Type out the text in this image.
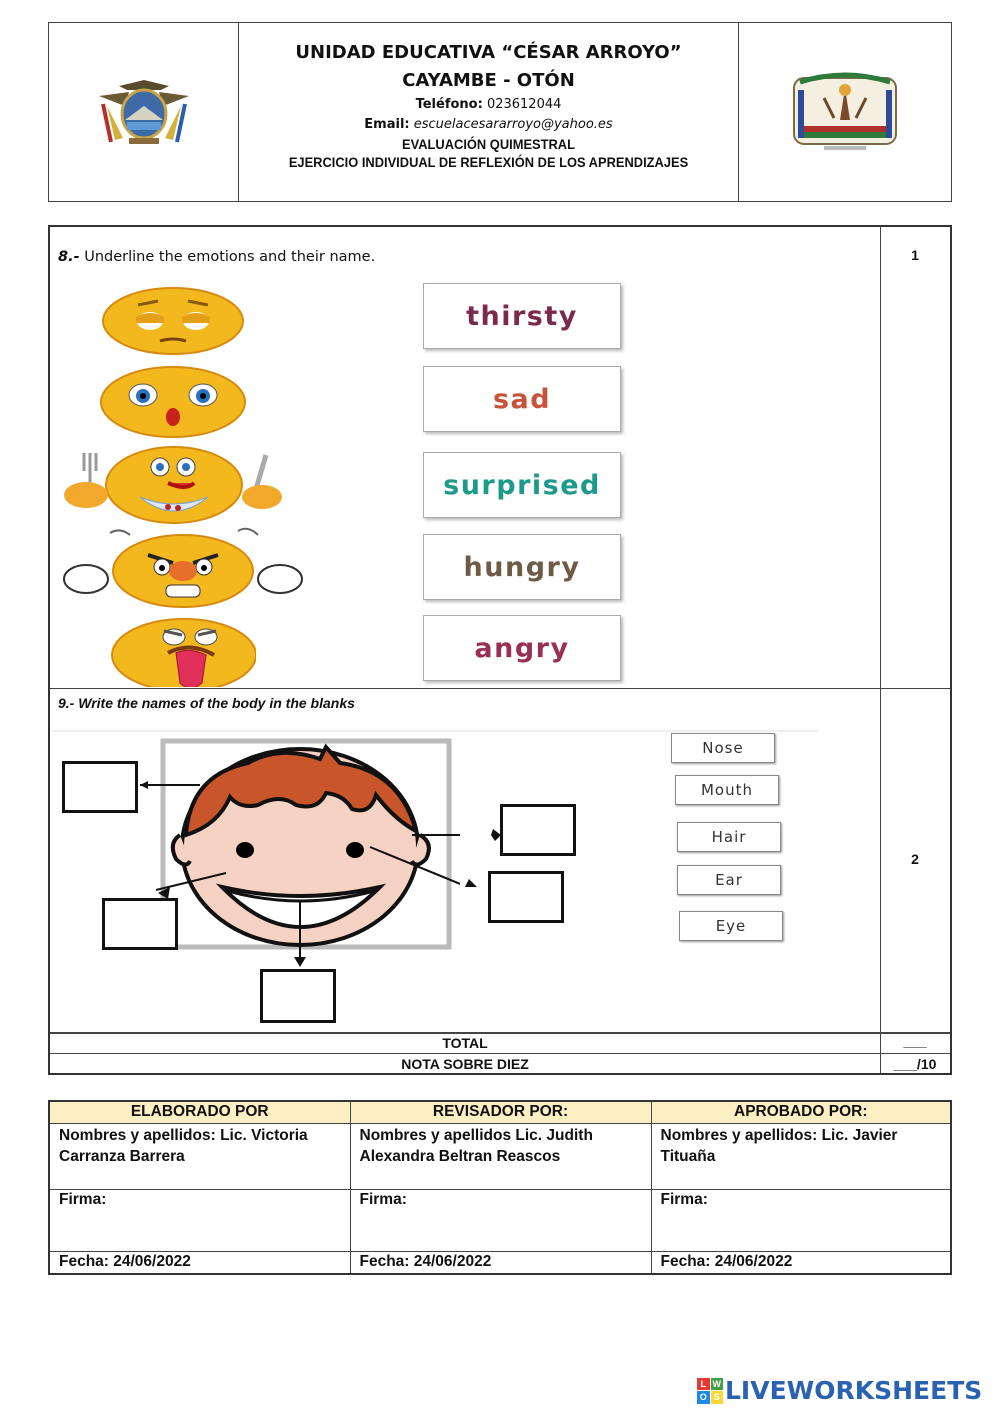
UNIDAD EDUCATIVA “CÉSAR ARROYO”
CAYAMBE - OTÓN
Teléfono: 023612044
Email: escuelacesararroyo@yahoo.es
EVALUACIÓN QUIMESTRAL
EJERCICIO INDIVIDUAL DE REFLEXIÓN DE LOS APRENDIZAJES
8.- Underline the emotions and their name.	1
thirsty
sad
surprised
hungry
angry
9.- Write the names of the body in the blanks
2
Nose
Mouth
Hair
Ear
Eye
TOTAL	___
NOTA SOBRE DIEZ	___/10
ELABORADO POR	REVISADOR POR:	APROBADO POR:
Nombres y apellidos: Lic. Victoria Carranza Barrera	Nombres y apellidos Lic. Judith Alexandra Beltran Reascos	Nombres y apellidos: Lic. Javier Tituaña
Firma:	Firma:	Firma:
Fecha: 24/06/2022	Fecha: 24/06/2022	Fecha: 24/06/2022
L W
O S LIVEWORKSHEETS
